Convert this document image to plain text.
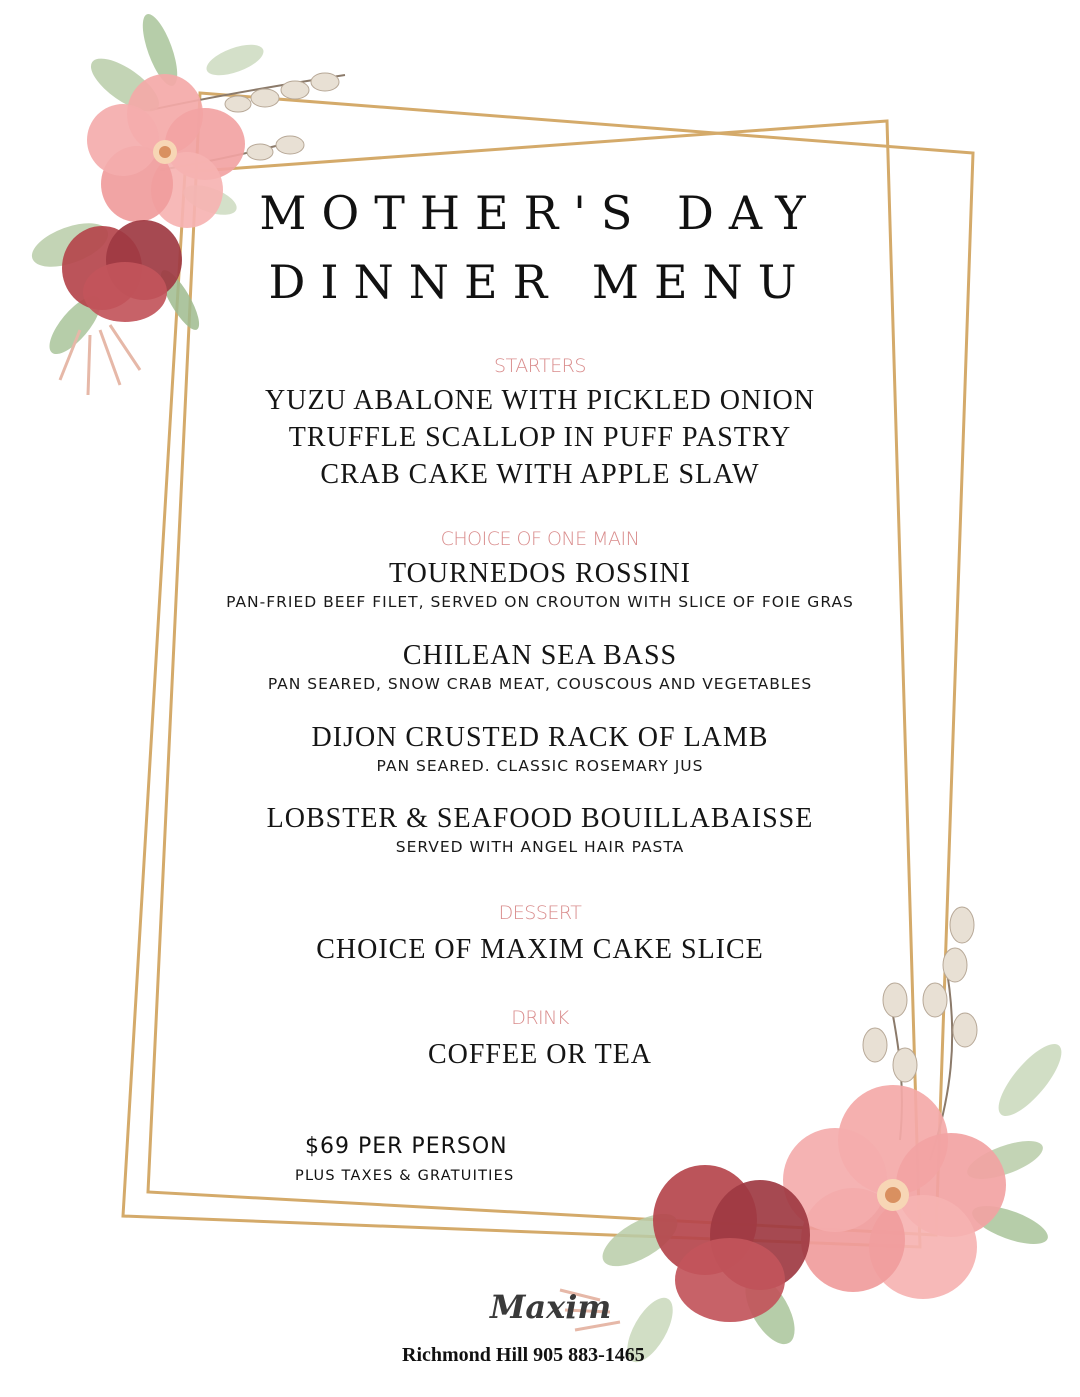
MOTHER'S DAY
DINNER MENU
STARTERS
YUZU ABALONE WITH PICKLED ONION
TRUFFLE SCALLOP IN PUFF PASTRY
CRAB CAKE WITH APPLE SLAW
CHOICE OF ONE MAIN
TOURNEDOS ROSSINI
PAN-FRIED BEEF FILET, SERVED ON CROUTON WITH SLICE OF FOIE GRAS
CHILEAN SEA BASS
PAN SEARED, SNOW CRAB MEAT, COUSCOUS AND VEGETABLES
DIJON CRUSTED RACK OF LAMB
PAN SEARED. CLASSIC ROSEMARY JUS
LOBSTER & SEAFOOD BOUILLABAISSE
SERVED WITH ANGEL HAIR PASTA
DESSERT
CHOICE OF MAXIM CAKE SLICE
DRINK
COFFEE OR TEA
$69 PER PERSON
PLUS TAXES & GRATUITIES
Maxim
Richmond Hill 905 883-1465
